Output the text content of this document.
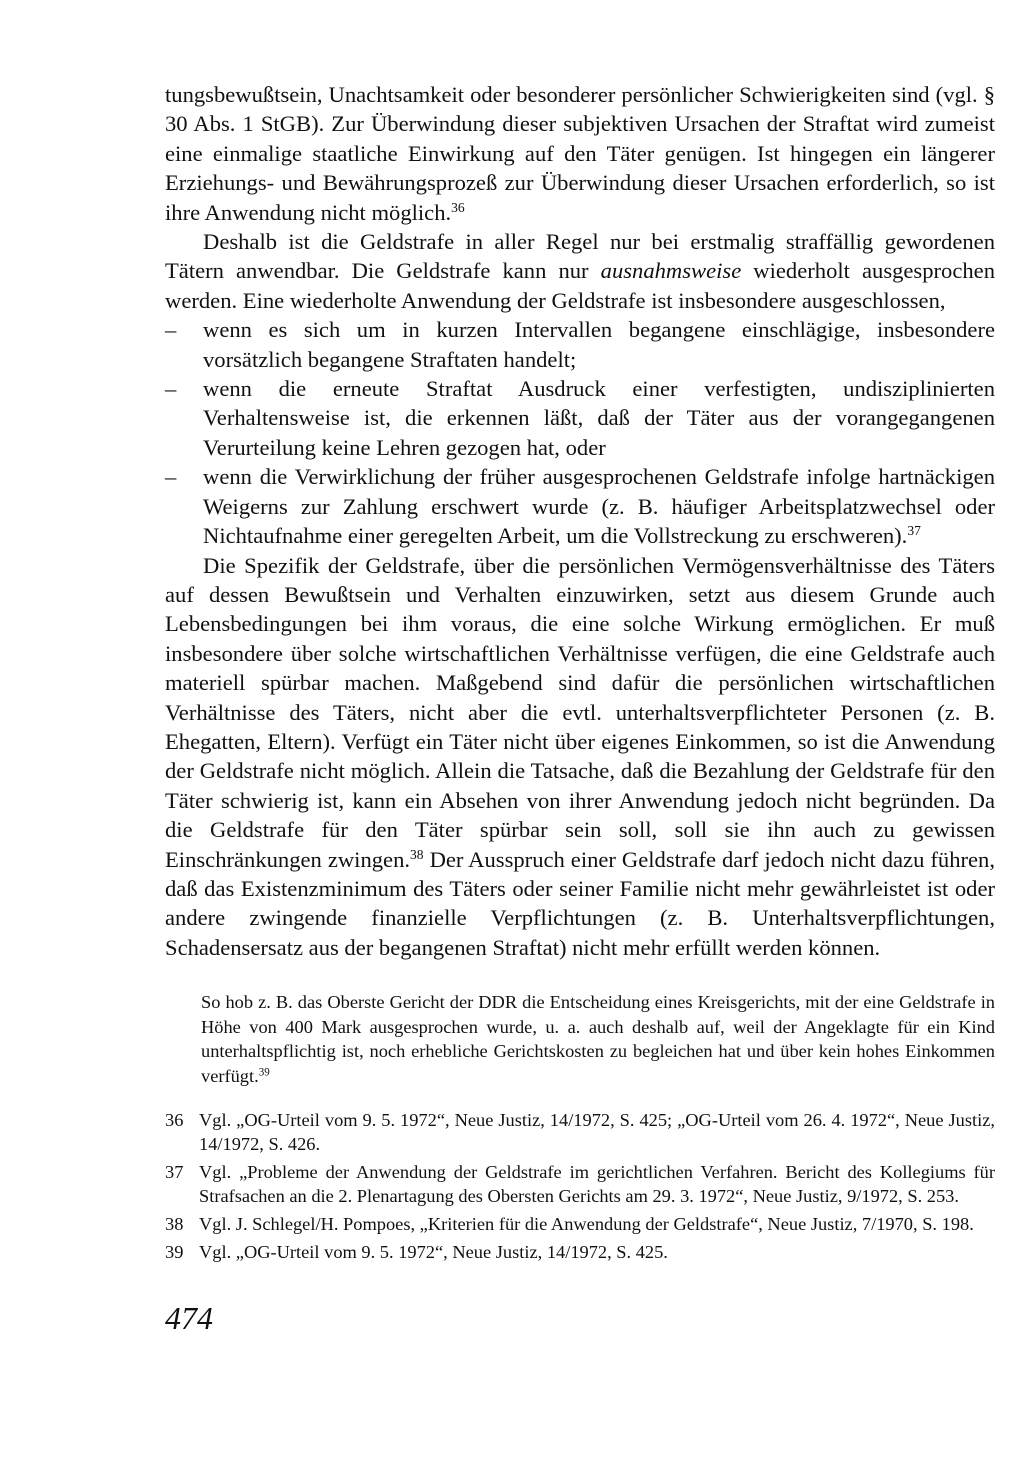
tungsbewußtsein, Unachtsamkeit oder besonderer persönlicher Schwierigkeiten sind (vgl. § 30 Abs. 1 StGB). Zur Überwindung dieser subjektiven Ursachen der Straftat wird zumeist eine einmalige staatliche Einwirkung auf den Täter genügen. Ist hingegen ein längerer Erziehungs- und Bewährungsprozeß zur Überwindung dieser Ursachen erforderlich, so ist ihre Anwendung nicht möglich.$^{36}$

Deshalb ist die Geldstrafe in aller Regel nur bei erstmalig straffällig gewordenen Tätern anwendbar. Die Geldstrafe kann nur ausnahmsweise wiederholt ausgesprochen werden. Eine wiederholte Anwendung der Geldstrafe ist insbesondere ausgeschlossen,

– wenn es sich um in kurzen Intervallen begangene einschlägige, insbesondere vorsätzlich begangene Straftaten handelt;
– wenn die erneute Straftat Ausdruck einer verfestigten, undisziplinierten Verhaltensweise ist, die erkennen läßt, daß der Täter aus der vorangegangenen Verurteilung keine Lehren gezogen hat, oder
– wenn die Verwirklichung der früher ausgesprochenen Geldstrafe infolge hartnäckigen Weigerns zur Zahlung erschwert wurde (z. B. häufiger Arbeitsplatzwechsel oder Nichtaufnahme einer geregelten Arbeit, um die Vollstreckung zu erschweren).$^{37}$

Die Spezifik der Geldstrafe, über die persönlichen Vermögensverhältnisse des Täters auf dessen Bewußtsein und Verhalten einzuwirken, setzt aus diesem Grunde auch Lebensbedingungen bei ihm voraus, die eine solche Wirkung ermöglichen. Er muß insbesondere über solche wirtschaftlichen Verhältnisse verfügen, die eine Geldstrafe auch materiell spürbar machen. Maßgebend sind dafür die persönlichen wirtschaftlichen Verhältnisse des Täters, nicht aber die evtl. unterhaltsverpflichteter Personen (z. B. Ehegatten, Eltern). Verfügt ein Täter nicht über eigenes Einkommen, so ist die Anwendung der Geldstrafe nicht möglich. Allein die Tatsache, daß die Bezahlung der Geldstrafe für den Täter schwierig ist, kann ein Absehen von ihrer Anwendung jedoch nicht begründen. Da die Geldstrafe für den Täter spürbar sein soll, soll sie ihn auch zu gewissen Einschränkungen zwingen.$^{38}$ Der Ausspruch einer Geldstrafe darf jedoch nicht dazu führen, daß das Existenzminimum des Täters oder seiner Familie nicht mehr gewährleistet ist oder andere zwingende finanzielle Verpflichtungen (z. B. Unterhaltsverpflichtungen, Schadensersatz aus der begangenen Straftat) nicht mehr erfüllt werden können.

So hob z. B. das Oberste Gericht der DDR die Entscheidung eines Kreisgerichts, mit der eine Geldstrafe in Höhe von 400 Mark ausgesprochen wurde, u. a. auch deshalb auf, weil der Angeklagte für ein Kind unterhaltspflichtig ist, noch erhebliche Gerichtskosten zu begleichen hat und über kein hohes Einkommen verfügt.$^{39}$

36 Vgl. „OG-Urteil vom 9. 5. 1972“, Neue Justiz, 14/1972, S. 425; „OG-Urteil vom 26. 4. 1972“, Neue Justiz, 14/1972, S. 426.

37 Vgl. „Probleme der Anwendung der Geldstrafe im gerichtlichen Verfahren. Bericht des Kollegiums für Strafsachen an die 2. Plenartagung des Obersten Gerichts am 29. 3. 1972“, Neue Justiz, 9/1972, S. 253.

38 Vgl. J. Schlegel/H. Pompoes, „Kriterien für die Anwendung der Geldstrafe“, Neue Justiz, 7/1970, S. 198.

39 Vgl. „OG-Urteil vom 9. 5. 1972“, Neue Justiz, 14/1972, S. 425.

474
